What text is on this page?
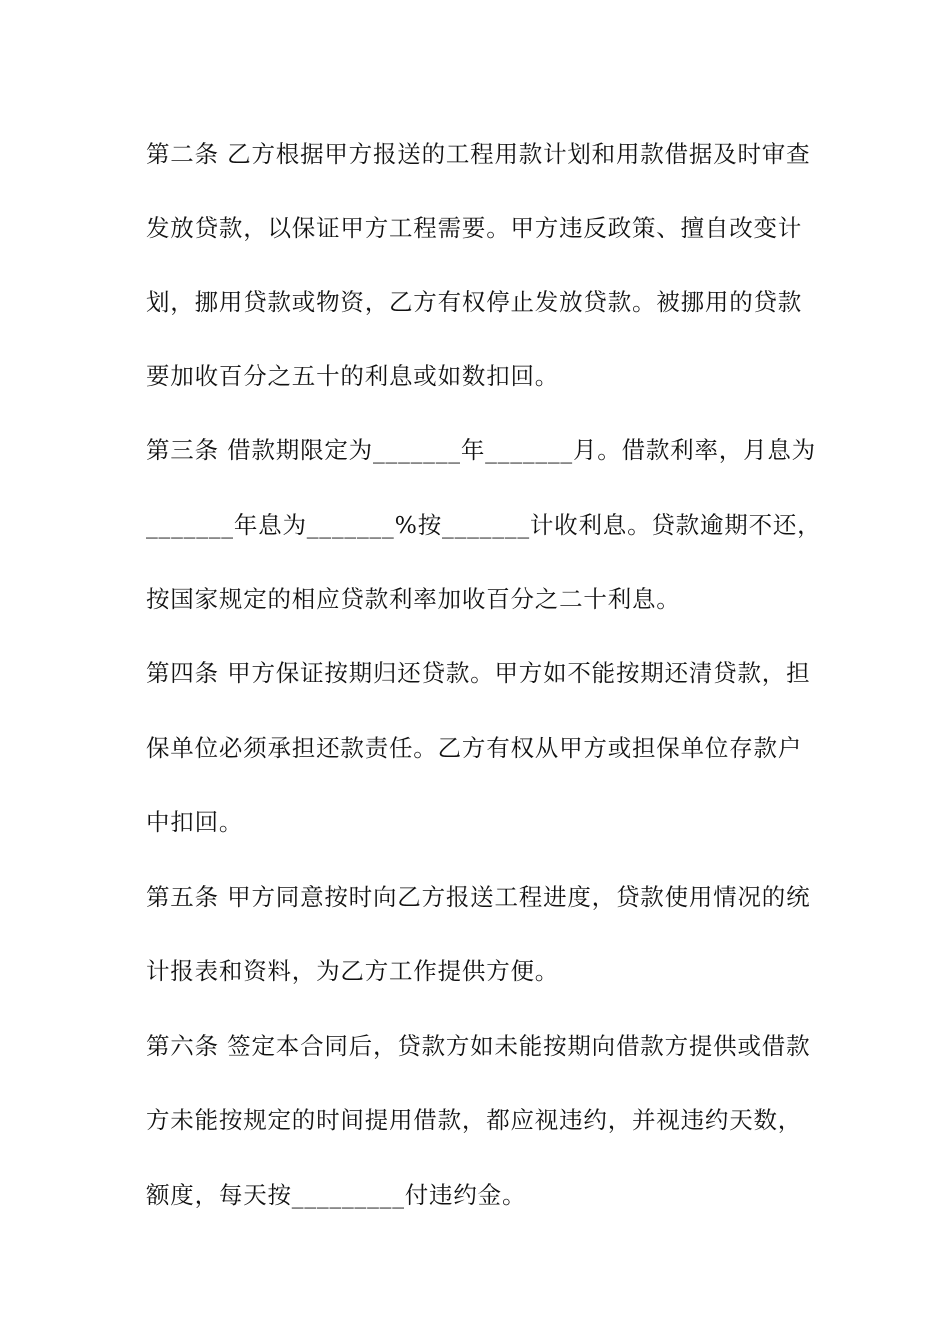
第二条 乙方根据甲方报送的工程用款计划和用款借据及时审查
发放贷款，以保证甲方工程需要。甲方违反政策、擅自改变计
划，挪用贷款或物资，乙方有权停止发放贷款。被挪用的贷款
要加收百分之五十的利息或如数扣回。
第三条 借款期限定为_______年_______月。借款利率，月息为
_______年息为_______%按_______计收利息。贷款逾期不还，
按国家规定的相应贷款利率加收百分之二十利息。
第四条 甲方保证按期归还贷款。甲方如不能按期还清贷款，担
保单位必须承担还款责任。乙方有权从甲方或担保单位存款户
中扣回。
第五条 甲方同意按时向乙方报送工程进度，贷款使用情况的统
计报表和资料，为乙方工作提供方便。
第六条 签定本合同后，贷款方如未能按期向借款方提供或借款
方未能按规定的时间提用借款，都应视违约，并视违约天数，
额度，每天按_________付违约金。
